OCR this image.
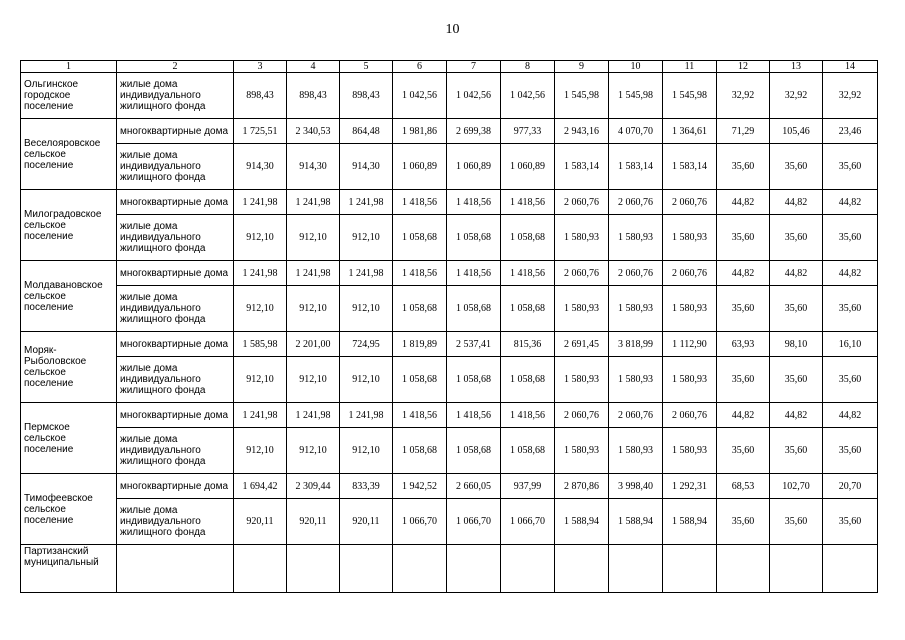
10
1	2	3	4	5	6	7	8	9	10	11	12	13	14
Ольгинское городское поселение	жилые дома индивидуального жилищного фонда	898,43	898,43	898,43	1 042,56	1 042,56	1 042,56	1 545,98	1 545,98	1 545,98	32,92	32,92	32,92
Веселояровское сельское поселение	многоквартирные дома	1 725,51	2 340,53	864,48	1 981,86	2 699,38	977,33	2 943,16	4 070,70	1 364,61	71,29	105,46	23,46
	жилые дома индивидуального жилищного фонда	914,30	914,30	914,30	1 060,89	1 060,89	1 060,89	1 583,14	1 583,14	1 583,14	35,60	35,60	35,60
Милоградовское сельское поселение	многоквартирные дома	1 241,98	1 241,98	1 241,98	1 418,56	1 418,56	1 418,56	2 060,76	2 060,76	2 060,76	44,82	44,82	44,82
	жилые дома индивидуального жилищного фонда	912,10	912,10	912,10	1 058,68	1 058,68	1 058,68	1 580,93	1 580,93	1 580,93	35,60	35,60	35,60
Молдавановское сельское поселение	многоквартирные дома	1 241,98	1 241,98	1 241,98	1 418,56	1 418,56	1 418,56	2 060,76	2 060,76	2 060,76	44,82	44,82	44,82
	жилые дома индивидуального жилищного фонда	912,10	912,10	912,10	1 058,68	1 058,68	1 058,68	1 580,93	1 580,93	1 580,93	35,60	35,60	35,60
Моряк-Рыболовское сельское поселение	многоквартирные дома	1 585,98	2 201,00	724,95	1 819,89	2 537,41	815,36	2 691,45	3 818,99	1 112,90	63,93	98,10	16,10
	жилые дома индивидуального жилищного фонда	912,10	912,10	912,10	1 058,68	1 058,68	1 058,68	1 580,93	1 580,93	1 580,93	35,60	35,60	35,60
Пермское сельское поселение	многоквартирные дома	1 241,98	1 241,98	1 241,98	1 418,56	1 418,56	1 418,56	2 060,76	2 060,76	2 060,76	44,82	44,82	44,82
	жилые дома индивидуального жилищного фонда	912,10	912,10	912,10	1 058,68	1 058,68	1 058,68	1 580,93	1 580,93	1 580,93	35,60	35,60	35,60
Тимофеевское сельское поселение	многоквартирные дома	1 694,42	2 309,44	833,39	1 942,52	2 660,05	937,99	2 870,86	3 998,40	1 292,31	68,53	102,70	20,70
	жилые дома индивидуального жилищного фонда	920,11	920,11	920,11	1 066,70	1 066,70	1 066,70	1 588,94	1 588,94	1 588,94	35,60	35,60	35,60
Партизанский муниципальный													
